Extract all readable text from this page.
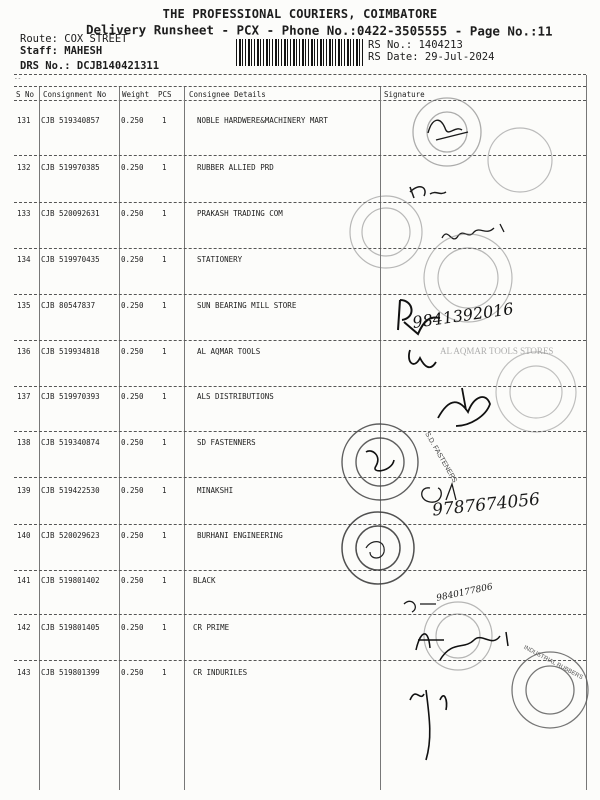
THE PROFESSIONAL COURIERS, COIMBATORE
Delivery Runsheet - PCX - Phone No.:0422-3505555 - Page No.:11
Route: COX STREET
Staff: MAHESH
DRS No.: DCJB140421311
RS No.: 1404213
RS Date: 29-Jul-2024
--
S No Consignment No Weight PCS Consignee Details	Signature
131 CJB 519340857	0.250 1	NOBLE HARDWERE&MACHINERY MART
132 CJB 519970385	0.250 1	RUBBER ALLIED PRD
133 CJB 520092631	0.250 1	PRAKASH TRADING COM
134 CJB 519970435	0.250 1	STATIONERY
135 CJB 80547837	0.250 1	SUN BEARING MILL STORE
136 CJB 519934818	0.250 1	AL AQMAR TOOLS
137 CJB 519970393	0.250 1	ALS DISTRIBUTIONS
138 CJB 519340874	0.250 1	SD FASTENNERS
139 CJB 519422530	0.250 1	MINAKSHI
140 CJB 520029623	0.250 1	BURHANI ENGINEERING
141 CJB 519801402	0.250 1	BLACK
142 CJB 519801405	0.250 1	CR PRIME
143 CJB 519801399	0.250 1	CR INDURILES
9841392016
9787674056
9840177806
AL AQMAR TOOLS STORES
S.D. FASTENERS
INDUSTRIAL RUBBERS
